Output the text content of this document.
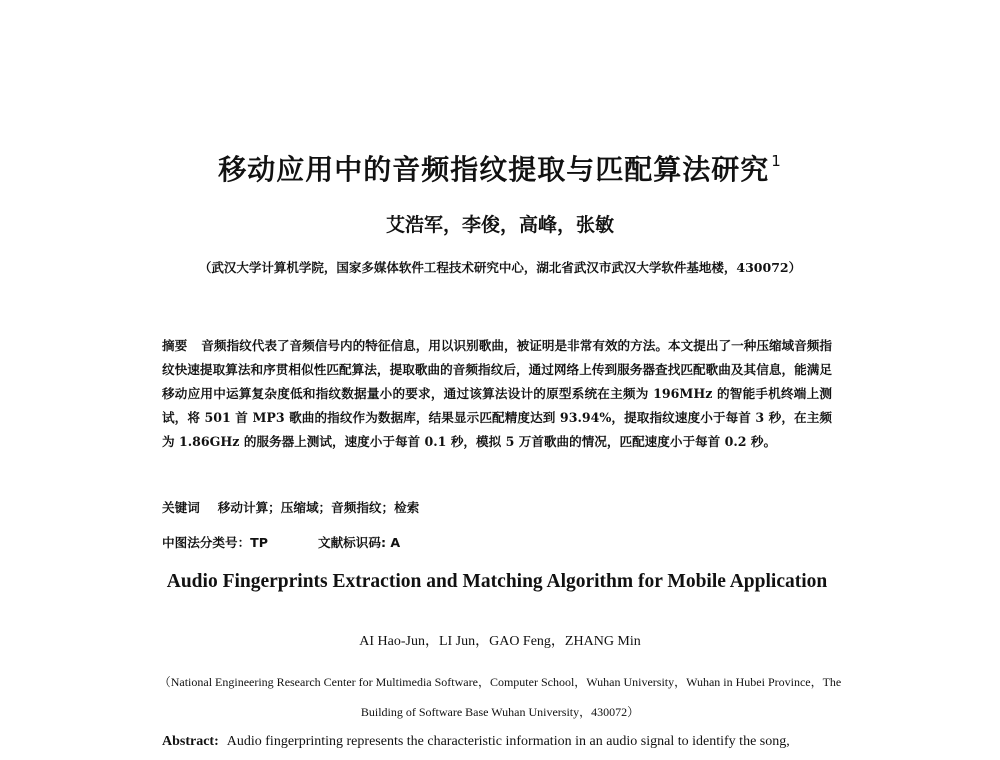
移动应用中的音频指纹提取与匹配算法研究 $^1$
艾浩军，李俊，高峰，张敏
（武汉大学计算机学院，国家多媒体软件工程技术研究中心，湖北省武汉市武汉大学软件基地楼，430072）
摘要 音频指纹代表了音频信号内的特征信息，用以识别歌曲，被证明是非常有效的方法。本文提出了一种压缩域音频指纹快速提取算法和序贯相似性匹配算法，提取歌曲的音频指纹后，通过网络上传到服务器查找匹配歌曲及其信息，能满足移动应用中运算复杂度低和指纹数据量小的要求，通过该算法设计的原型系统在主频为 196MHz 的智能手机终端上测试，将 501 首 MP3 歌曲的指纹作为数据库，结果显示匹配精度达到 93.94%，提取指纹速度小于每首 3 秒，在主频为 1.86GHz 的服务器上测试，速度小于每首 0.1 秒，模拟 5 万首歌曲的情况，匹配速度小于每首 0.2 秒。
关键词 移动计算；压缩域；音频指纹；检索
中图法分类号：TP	文献标识码: A
Audio Fingerprints Extraction and Matching Algorithm for Mobile Application
AI Hao-Jun，LI Jun，GAO Feng，ZHANG Min
（National Engineering Research Center for Multimedia Software，Computer School，Wuhan University，Wuhan in Hubei Province，The Building of Software Base Wuhan University，430072）
Abstract: Audio fingerprinting represents the characteristic information in an audio signal to identify the song,
